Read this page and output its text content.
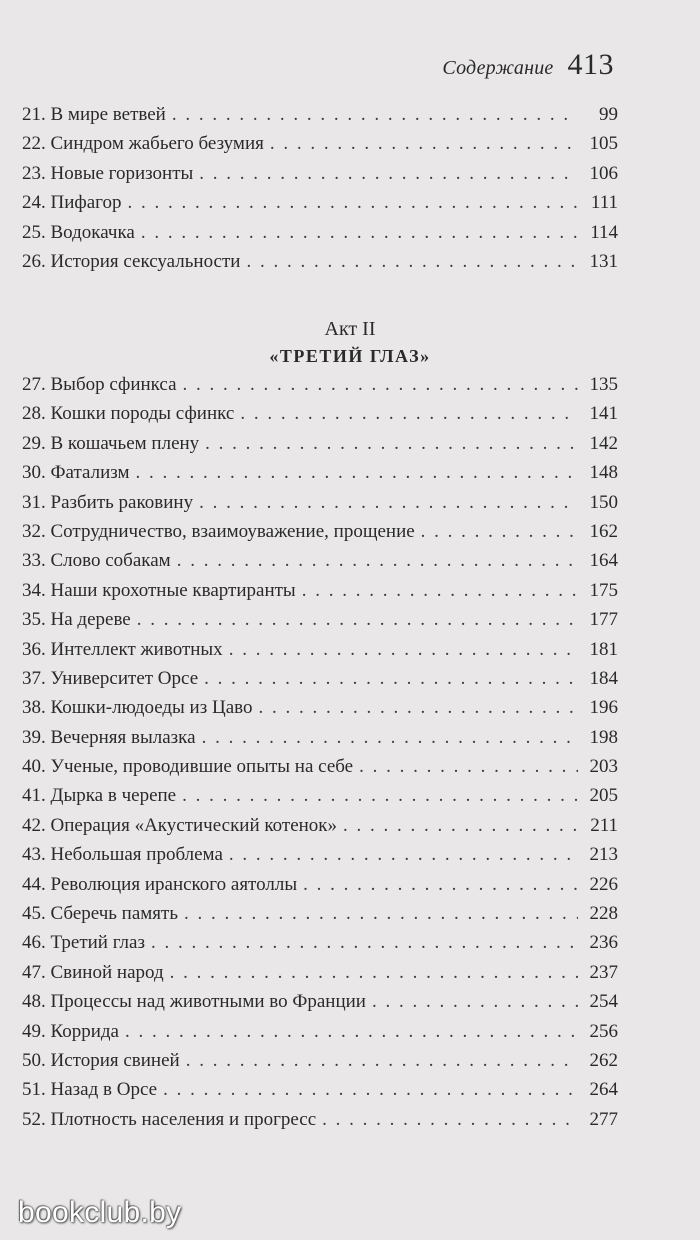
Содержание 413
21. В мире ветвей . . .	99
22. Синдром жабьего безумия . . .	105
23. Новые горизонты . . .	106
24. Пифагор . . .	111
25. Водокачка . . .	114
26. История сексуальности . . .	131
Акт II
«ТРЕТИЙ ГЛАЗ»
27. Выбор сфинкса . . .	135
28. Кошки породы сфинкс . . .	141
29. В кошачьем плену . . .	142
30. Фатализм . . .	148
31. Разбить раковину . . .	150
32. Сотрудничество, взаимоуважение, прощение . . .	162
33. Слово собакам . . .	164
34. Наши крохотные квартиранты . . .	175
35. На дереве . . .	177
36. Интеллект животных . . .	181
37. Университет Орсе . . .	184
38. Кошки-людоеды из Цаво . . .	196
39. Вечерняя вылазка . . .	198
40. Ученые, проводившие опыты на себе . . .	203
41. Дырка в черепе . . .	205
42. Операция «Акустический котенок» . . .	211
43. Небольшая проблема . . .	213
44. Революция иранского аятоллы . . .	226
45. Сберечь память . . .	228
46. Третий глаз . . .	236
47. Свиной народ . . .	237
48. Процессы над животными во Франции . . .	254
49. Коррида . . .	256
50. История свиней . . .	262
51. Назад в Орсе . . .	264
52. Плотность населения и прогресс . . .	277
bookclub.by
